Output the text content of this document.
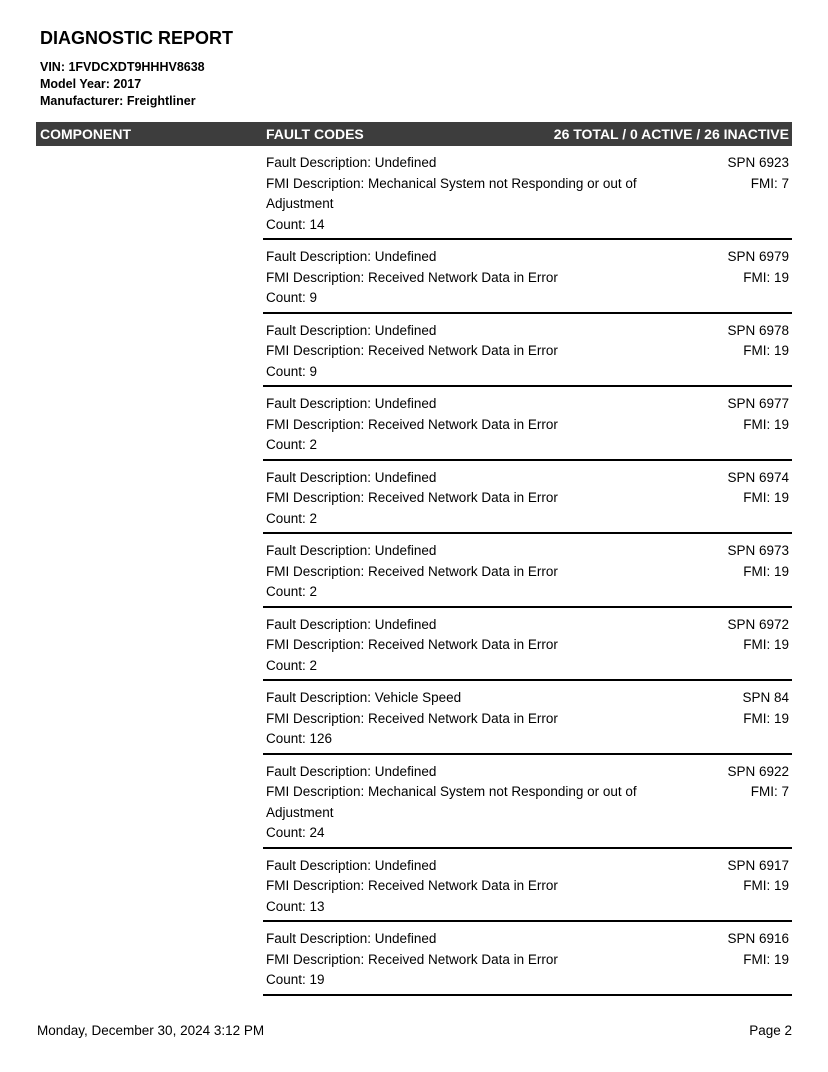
DIAGNOSTIC REPORT
VIN: 1FVDCXDT9HHHV8638
Model Year: 2017
Manufacturer: Freightliner
COMPONENT	FAULT CODES	26 TOTAL / 0 ACTIVE / 26 INACTIVE
Fault Description: Undefined
FMI Description: Mechanical System not Responding or out of Adjustment
Count: 14
SPN 6923
FMI: 7
Fault Description: Undefined
FMI Description: Received Network Data in Error
Count: 9
SPN 6979
FMI: 19
Fault Description: Undefined
FMI Description: Received Network Data in Error
Count: 9
SPN 6978
FMI: 19
Fault Description: Undefined
FMI Description: Received Network Data in Error
Count: 2
SPN 6977
FMI: 19
Fault Description: Undefined
FMI Description: Received Network Data in Error
Count: 2
SPN 6974
FMI: 19
Fault Description: Undefined
FMI Description: Received Network Data in Error
Count: 2
SPN 6973
FMI: 19
Fault Description: Undefined
FMI Description: Received Network Data in Error
Count: 2
SPN 6972
FMI: 19
Fault Description: Vehicle Speed
FMI Description: Received Network Data in Error
Count: 126
SPN 84
FMI: 19
Fault Description: Undefined
FMI Description: Mechanical System not Responding or out of Adjustment
Count: 24
SPN 6922
FMI: 7
Fault Description: Undefined
FMI Description: Received Network Data in Error
Count: 13
SPN 6917
FMI: 19
Fault Description: Undefined
FMI Description: Received Network Data in Error
Count: 19
SPN 6916
FMI: 19
Monday, December 30, 2024 3:12 PM	Page 2
